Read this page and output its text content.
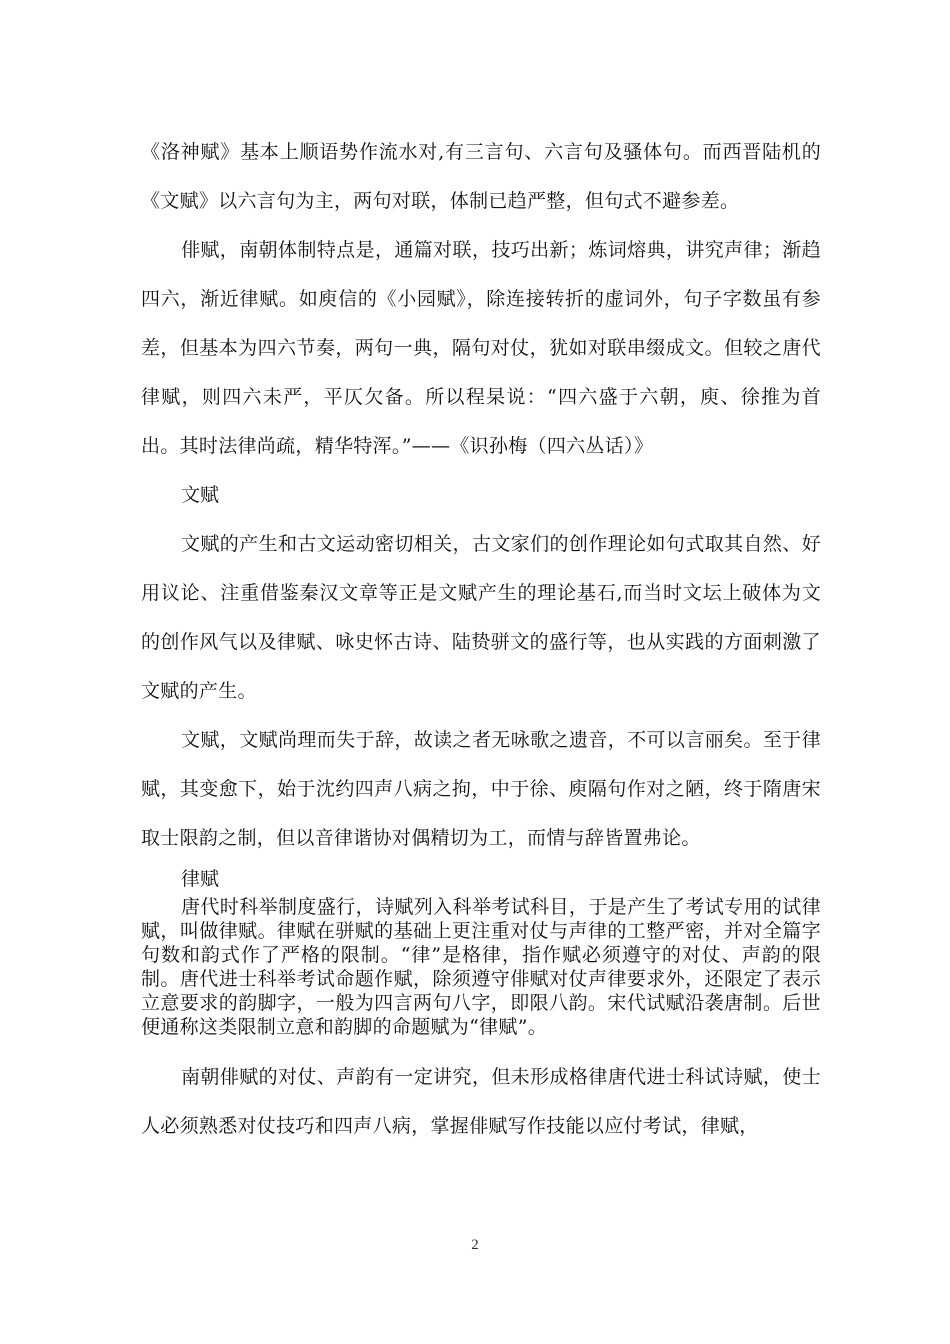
《洛神赋》基本上顺语势作流水对,有三言句、六言句及骚体句。而西晋陆机的《文赋》以六言句为主，两句对联，体制已趋严整，但句式不避参差。

俳赋，南朝体制特点是，通篇对联，技巧出新；炼词熔典，讲究声律；渐趋四六，渐近律赋。如庾信的《小园赋》，除连接转折的虚词外，句子字数虽有参差，但基本为四六节奏，两句一典，隔句对仗，犹如对联串缀成文。但较之唐代律赋，则四六未严，平仄欠备。所以程杲说：“四六盛于六朝，庾、徐推为首出。其时法律尚疏，精华特浑。”——《识孙梅（四六丛话）》

文赋

文赋的产生和古文运动密切相关，古文家们的创作理论如句式取其自然、好用议论、注重借鉴秦汉文章等正是文赋产生的理论基石,而当时文坛上破体为文的创作风气以及律赋、咏史怀古诗、陆贽骈文的盛行等，也从实践的方面刺激了文赋的产生。

文赋，文赋尚理而失于辞，故读之者无咏歌之遗音，不可以言丽矣。至于律赋，其变愈下，始于沈约四声八病之拘，中于徐、庾隔句作对之陋，终于隋唐宋取士限韵之制，但以音律谐协对偶精切为工，而情与辞皆置弗论。

律赋

唐代时科举制度盛行，诗赋列入科举考试科目，于是产生了考试专用的试律赋，叫做律赋。律赋在骈赋的基础上更注重对仗与声律的工整严密，并对全篇字句数和韵式作了严格的限制。“律”是格律，指作赋必须遵守的对仗、声韵的限制。唐代进士科举考试命题作赋，除须遵守俳赋对仗声律要求外，还限定了表示立意要求的韵脚字，一般为四言两句八字，即限八韵。宋代试赋沿袭唐制。后世便通称这类限制立意和韵脚的命题赋为“律赋”。

南朝俳赋的对仗、声韵有一定讲究，但未形成格律唐代进士科试诗赋，使士人必须熟悉对仗技巧和四声八病，掌握俳赋写作技能以应付考试，律赋，

2
